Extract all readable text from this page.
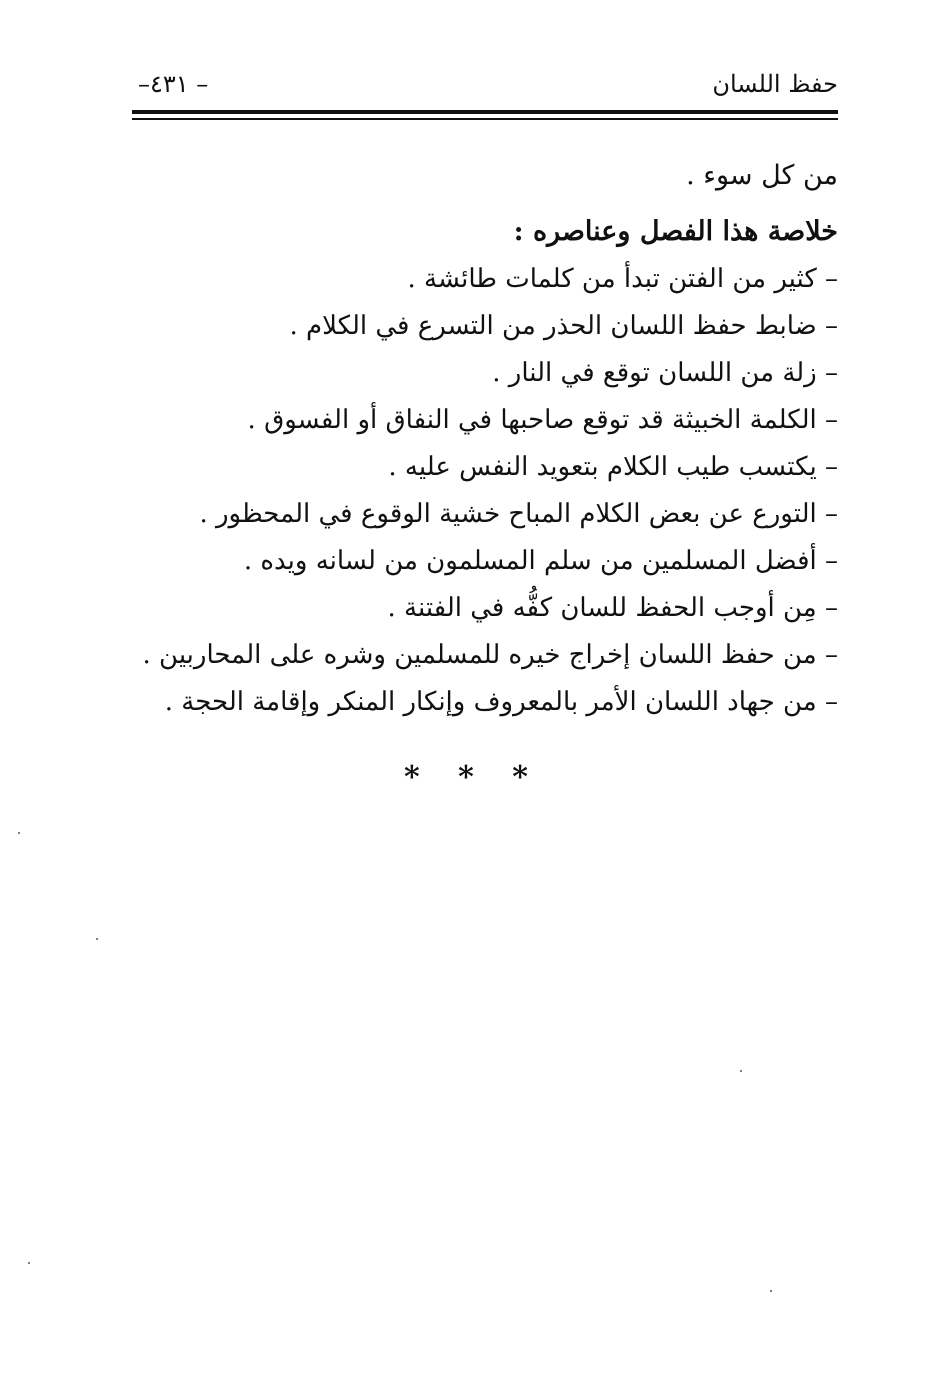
حفظ اللسان
– ٤٣١–
من كل سوء .
خلاصة هذا الفصل وعناصره :
– كثير من الفتن تبدأ من كلمات طائشة .
– ضابط حفظ اللسان الحذر من التسرع في الكلام .
– زلة من اللسان توقع في النار .
– الكلمة الخبيثة قد توقع صاحبها في النفاق أو الفسوق .
– يكتسب طيب الكلام بتعويد النفس عليه .
– التورع عن بعض الكلام المباح خشية الوقوع في المحظور .
– أفضل المسلمين من سلم المسلمون من لسانه ويده .
– مِن أوجب الحفظ للسان كفُّه في الفتنة .
– من حفظ اللسان إخراج خيره للمسلمين وشره على المحاربين .
– من جهاد اللسان الأمر بالمعروف وإنكار المنكر وإقامة الحجة .
* * *
